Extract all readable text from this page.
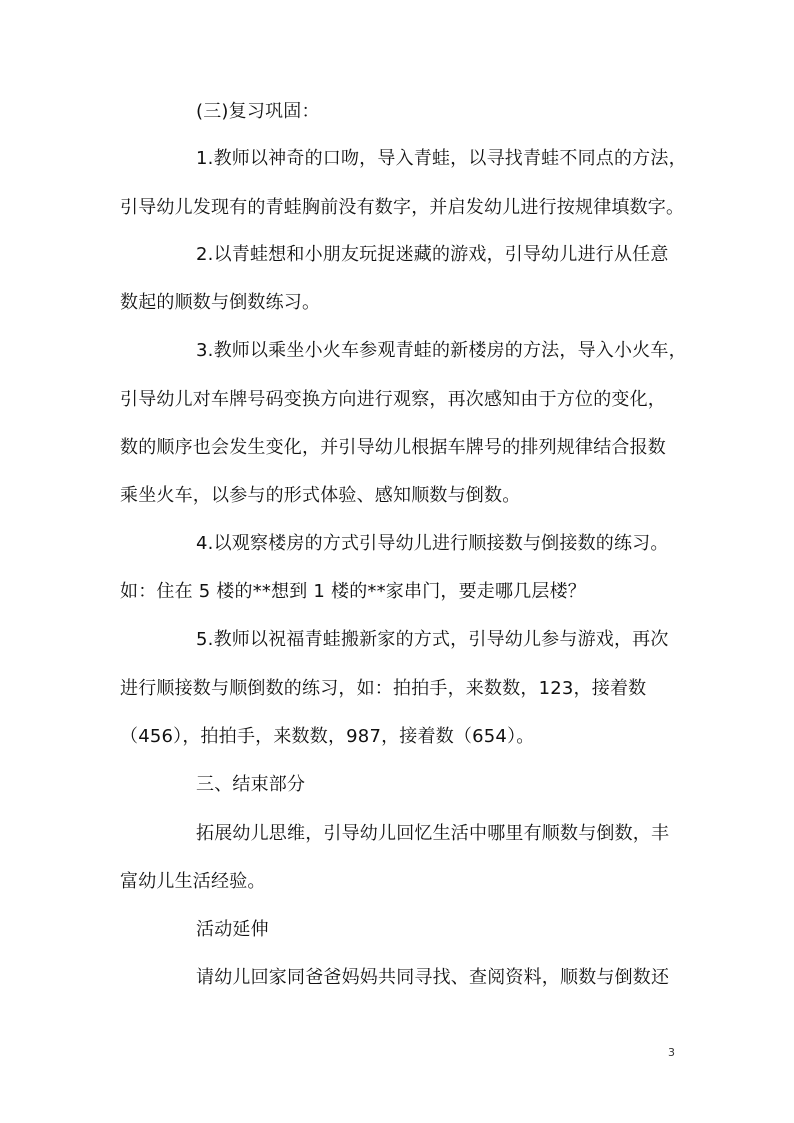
(三)复习巩固：
1.教师以神奇的口吻，导入青蛙，以寻找青蛙不同点的方法，
引导幼儿发现有的青蛙胸前没有数字，并启发幼儿进行按规律填数字。
2.以青蛙想和小朋友玩捉迷藏的游戏，引导幼儿进行从任意
数起的顺数与倒数练习。
3.教师以乘坐小火车参观青蛙的新楼房的方法，导入小火车，
引导幼儿对车牌号码变换方向进行观察，再次感知由于方位的变化，
数的顺序也会发生变化，并引导幼儿根据车牌号的排列规律结合报数
乘坐火车，以参与的形式体验、感知顺数与倒数。
4.以观察楼房的方式引导幼儿进行顺接数与倒接数的练习。
如：住在 5 楼的**想到 1 楼的**家串门，要走哪几层楼？
5.教师以祝福青蛙搬新家的方式，引导幼儿参与游戏，再次
进行顺接数与顺倒数的练习，如：拍拍手，来数数，123，接着数
（456），拍拍手，来数数，987，接着数（654）。
三、结束部分
拓展幼儿思维，引导幼儿回忆生活中哪里有顺数与倒数，丰
富幼儿生活经验。
活动延伸
请幼儿回家同爸爸妈妈共同寻找、查阅资料，顺数与倒数还
3
